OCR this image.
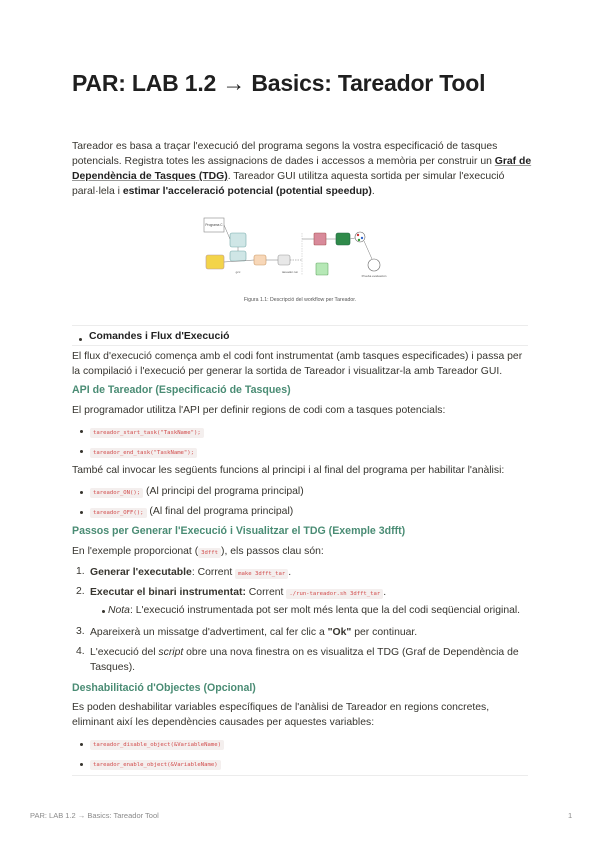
PAR: LAB 1.2 → Basics: Tareador Tool

Tareador es basa a traçar l'execució del programa segons la vostra especificació de tasques potencials. Registra totes les assignacions de dades i accessos a memòria per construir un Graf de Dependència de Tasques (TDG). Tareador GUI utilitza aquesta sortida per simular l'execució paral·lela i estimar l'acceleració potencial (potential speedup).

Programa C
gcc	tareador.run
Prueba evaluación

Figura 1.1: Descripció del workflow per Tareador.

Comandes i Flux d'Execució

El flux d'execució comença amb el codi font instrumentat (amb tasques especificades) i passa per la compilació i l'execució per generar la sortida de Tareador i visualitzar-la amb Tareador GUI.

API de Tareador (Especificació de Tasques)

El programador utilitza l'API per definir regions de codi com a tasques potencials:

tareador_start_task("TaskName");
tareador_end_task("TaskName");

També cal invocar les següents funcions al principi i al final del programa per habilitar l'anàlisi:

tareador_ON(); (Al principi del programa principal)
tareador_OFF(); (Al final del programa principal)

Passos per Generar l'Execució i Visualitzar el TDG (Exemple 3dfft)

En l'exemple proporcionat ( 3dfft ), els passos clau són:

1. Generar l'executable: Corrent make 3dfft_tar .
2. Executar el binari instrumentat: Corrent ./run-tareador.sh 3dfft_tar .
Nota: L'execució instrumentada pot ser molt més lenta que la del codi seqüencial original.
3. Apareixerà un missatge d'advertiment, cal fer clic a "Ok" per continuar.
4. L'execució del script obre una nova finestra on es visualitza el TDG (Graf de Dependència de Tasques).

Deshabilitació d'Objectes (Opcional)

Es poden deshabilitar variables específiques de l'anàlisi de Tareador en regions concretes, eliminant així les dependències causades per aquestes variables:

tareador_disable_object(&VariableName)
tareador_enable_object(&VariableName)
PAR: LAB 1.2 → Basics: Tareador Tool	1
